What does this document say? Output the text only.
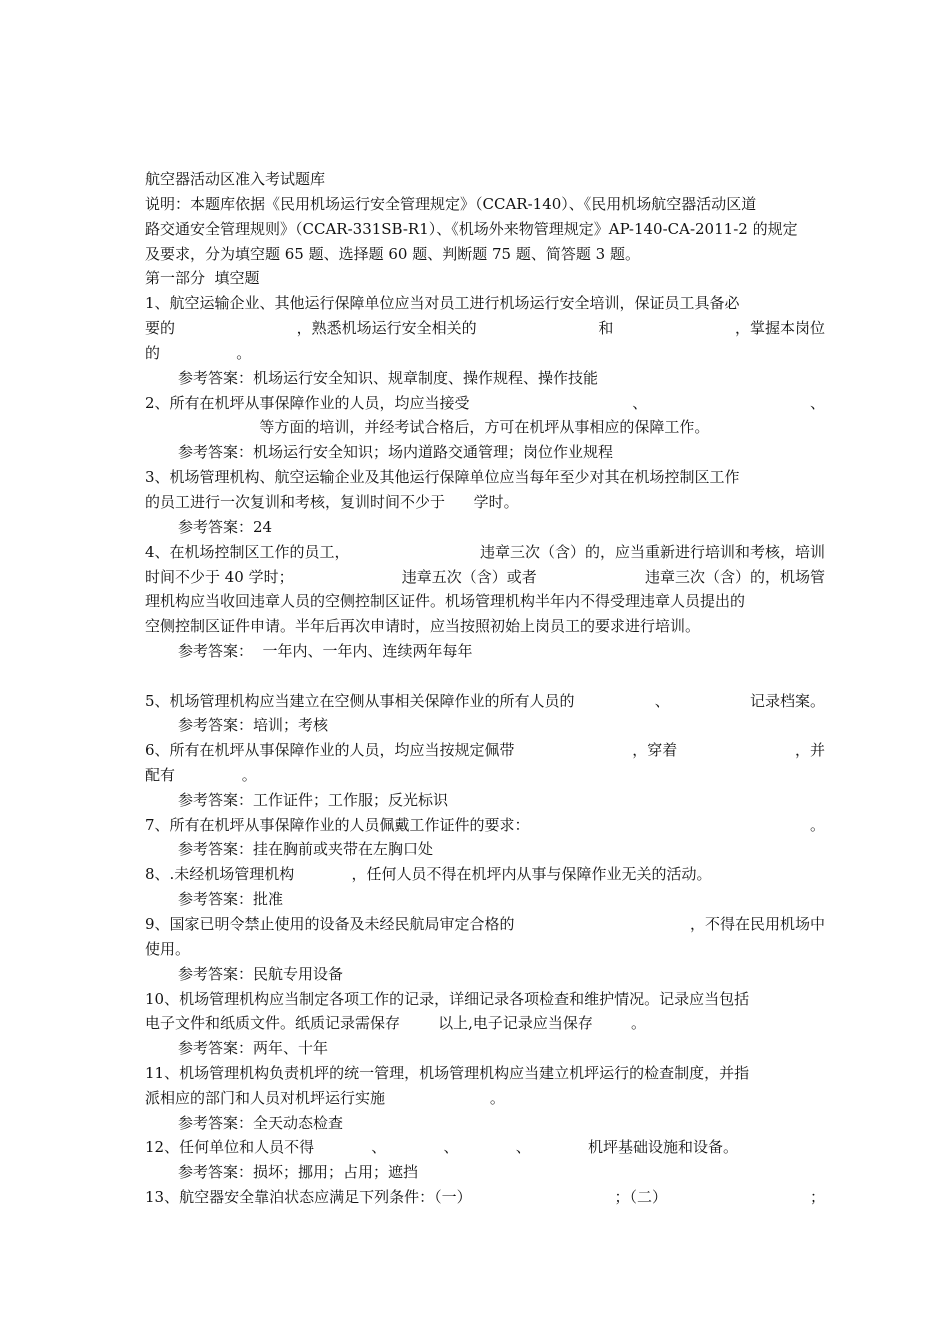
航空器活动区准入考试题库
说明：本题库依据《民用机场运行安全管理规定》（CCAR-140）、《民用机场航空器活动区道
路交通安全管理规则》（CCAR-331SB-R1）、《机场外来物管理规定》AP-140-CA-2011-2 的规定
及要求，分为填空题 65 题、选择题 60 题、判断题 75 题、简答题 3 题。
第一部分  填空题
1、航空运输企业、其他运行保障单位应当对员工进行机场运行安全培训，保证员工具备必
要的	，熟悉机场运行安全相关的	和	，掌握本岗位
的                。
参考答案：机场运行安全知识、规章制度、操作规程、操作技能
2、所有在机坪从事保障作业的人员，均应当接受	、	、
等方面的培训，并经考试合格后，方可在机坪从事相应的保障工作。
参考答案：机场运行安全知识；场内道路交通管理；岗位作业规程
3、机场管理机构、航空运输企业及其他运行保障单位应当每年至少对其在机场控制区工作
的员工进行一次复训和考核，复训时间不少于      学时。
参考答案：24
4、在机场控制区工作的员工，	违章三次（含）的，应当重新进行培训和考核，培训
时间不少于 40 学时；	违章五次（含）或者	违章三次（含）的，机场管
理机构应当收回违章人员的空侧控制区证件。机场管理机构半年内不得受理违章人员提出的
空侧控制区证件申请。半年后再次申请时，应当按照初始上岗员工的要求进行培训。
参考答案：  一年内、一年内、连续两年每年
5、机场管理机构应当建立在空侧从事相关保障作业的所有人员的	、	记录档案。
参考答案：培训；考核
6、所有在机坪从事保障作业的人员，均应当按规定佩带	，穿着	，并
配有              。
参考答案：工作证件；工作服；反光标识
7、所有在机坪从事保障作业的人员佩戴工作证件的要求：	。
参考答案：挂在胸前或夹带在左胸口处
8、.未经机场管理机构            ，任何人员不得在机坪内从事与保障作业无关的活动。
参考答案：批准
9、国家已明令禁止使用的设备及未经民航局审定合格的	，不得在民用机场中
使用。
参考答案：民航专用设备
10、机场管理机构应当制定各项工作的记录，详细记录各项检查和维护情况。记录应当包括
电子文件和纸质文件。纸质记录需保存        以上,电子记录应当保存        。
参考答案：两年、十年
11、机场管理机构负责机坪的统一管理，机场管理机构应当建立机坪运行的检查制度，并指
派相应的部门和人员对机坪运行实施                      。
参考答案：全天动态检查
12、任何单位和人员不得            、            、            、            机坪基础设施和设备。
参考答案：损坏；挪用；占用；遮挡
13、航空器安全靠泊状态应满足下列条件：（一）	；（二）	；
